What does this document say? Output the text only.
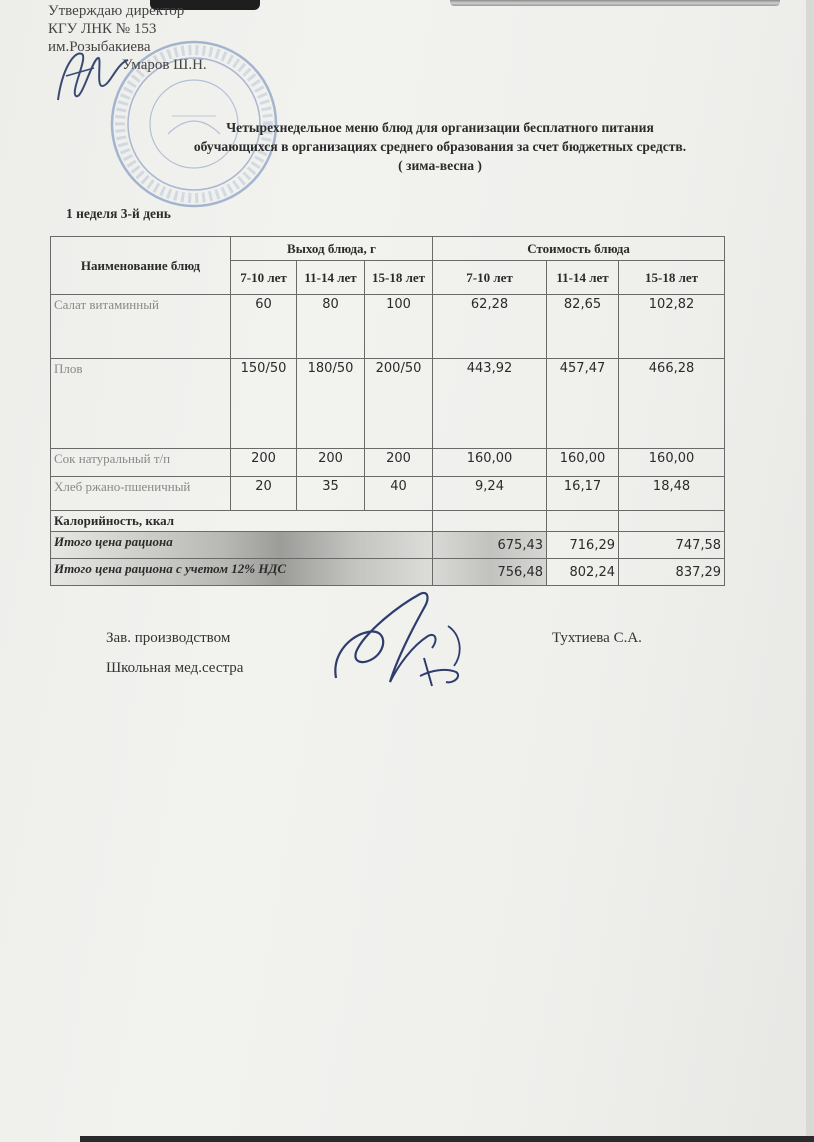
Утверждаю директор
КГУ ЛНК № 153
им.Розыбакиева
Умаров Ш.Н.
Четырехнедельное меню блюд для организации бесплатного питания
обучающихся в организациях среднего образования за счет бюджетных средств.
( зима-весна )
1 неделя 3-й день
Наименование блюд	Выход блюда, г			Стоимость блюда		
	7-10 лет	11-14 лет	15-18 лет	7-10 лет	11-14 лет	15-18 лет
Салат витаминный	60	80	100	62,28	82,65	102,82
Плов	150/50	180/50	200/50	443,92	457,47	466,28
Сок натуральный т/п	200	200	200	160,00	160,00	160,00
Хлеб ржано-пшеничный	20	35	40	9,24	16,17	18,48
Калорийность, ккал						
Итого цена рациона				675,43	716,29	747,58
Итого цена рациона с учетом 12% НДС				756,48	802,24	837,29
Зав. производством	Тухтиева С.А.
Школьная мед.сестра
